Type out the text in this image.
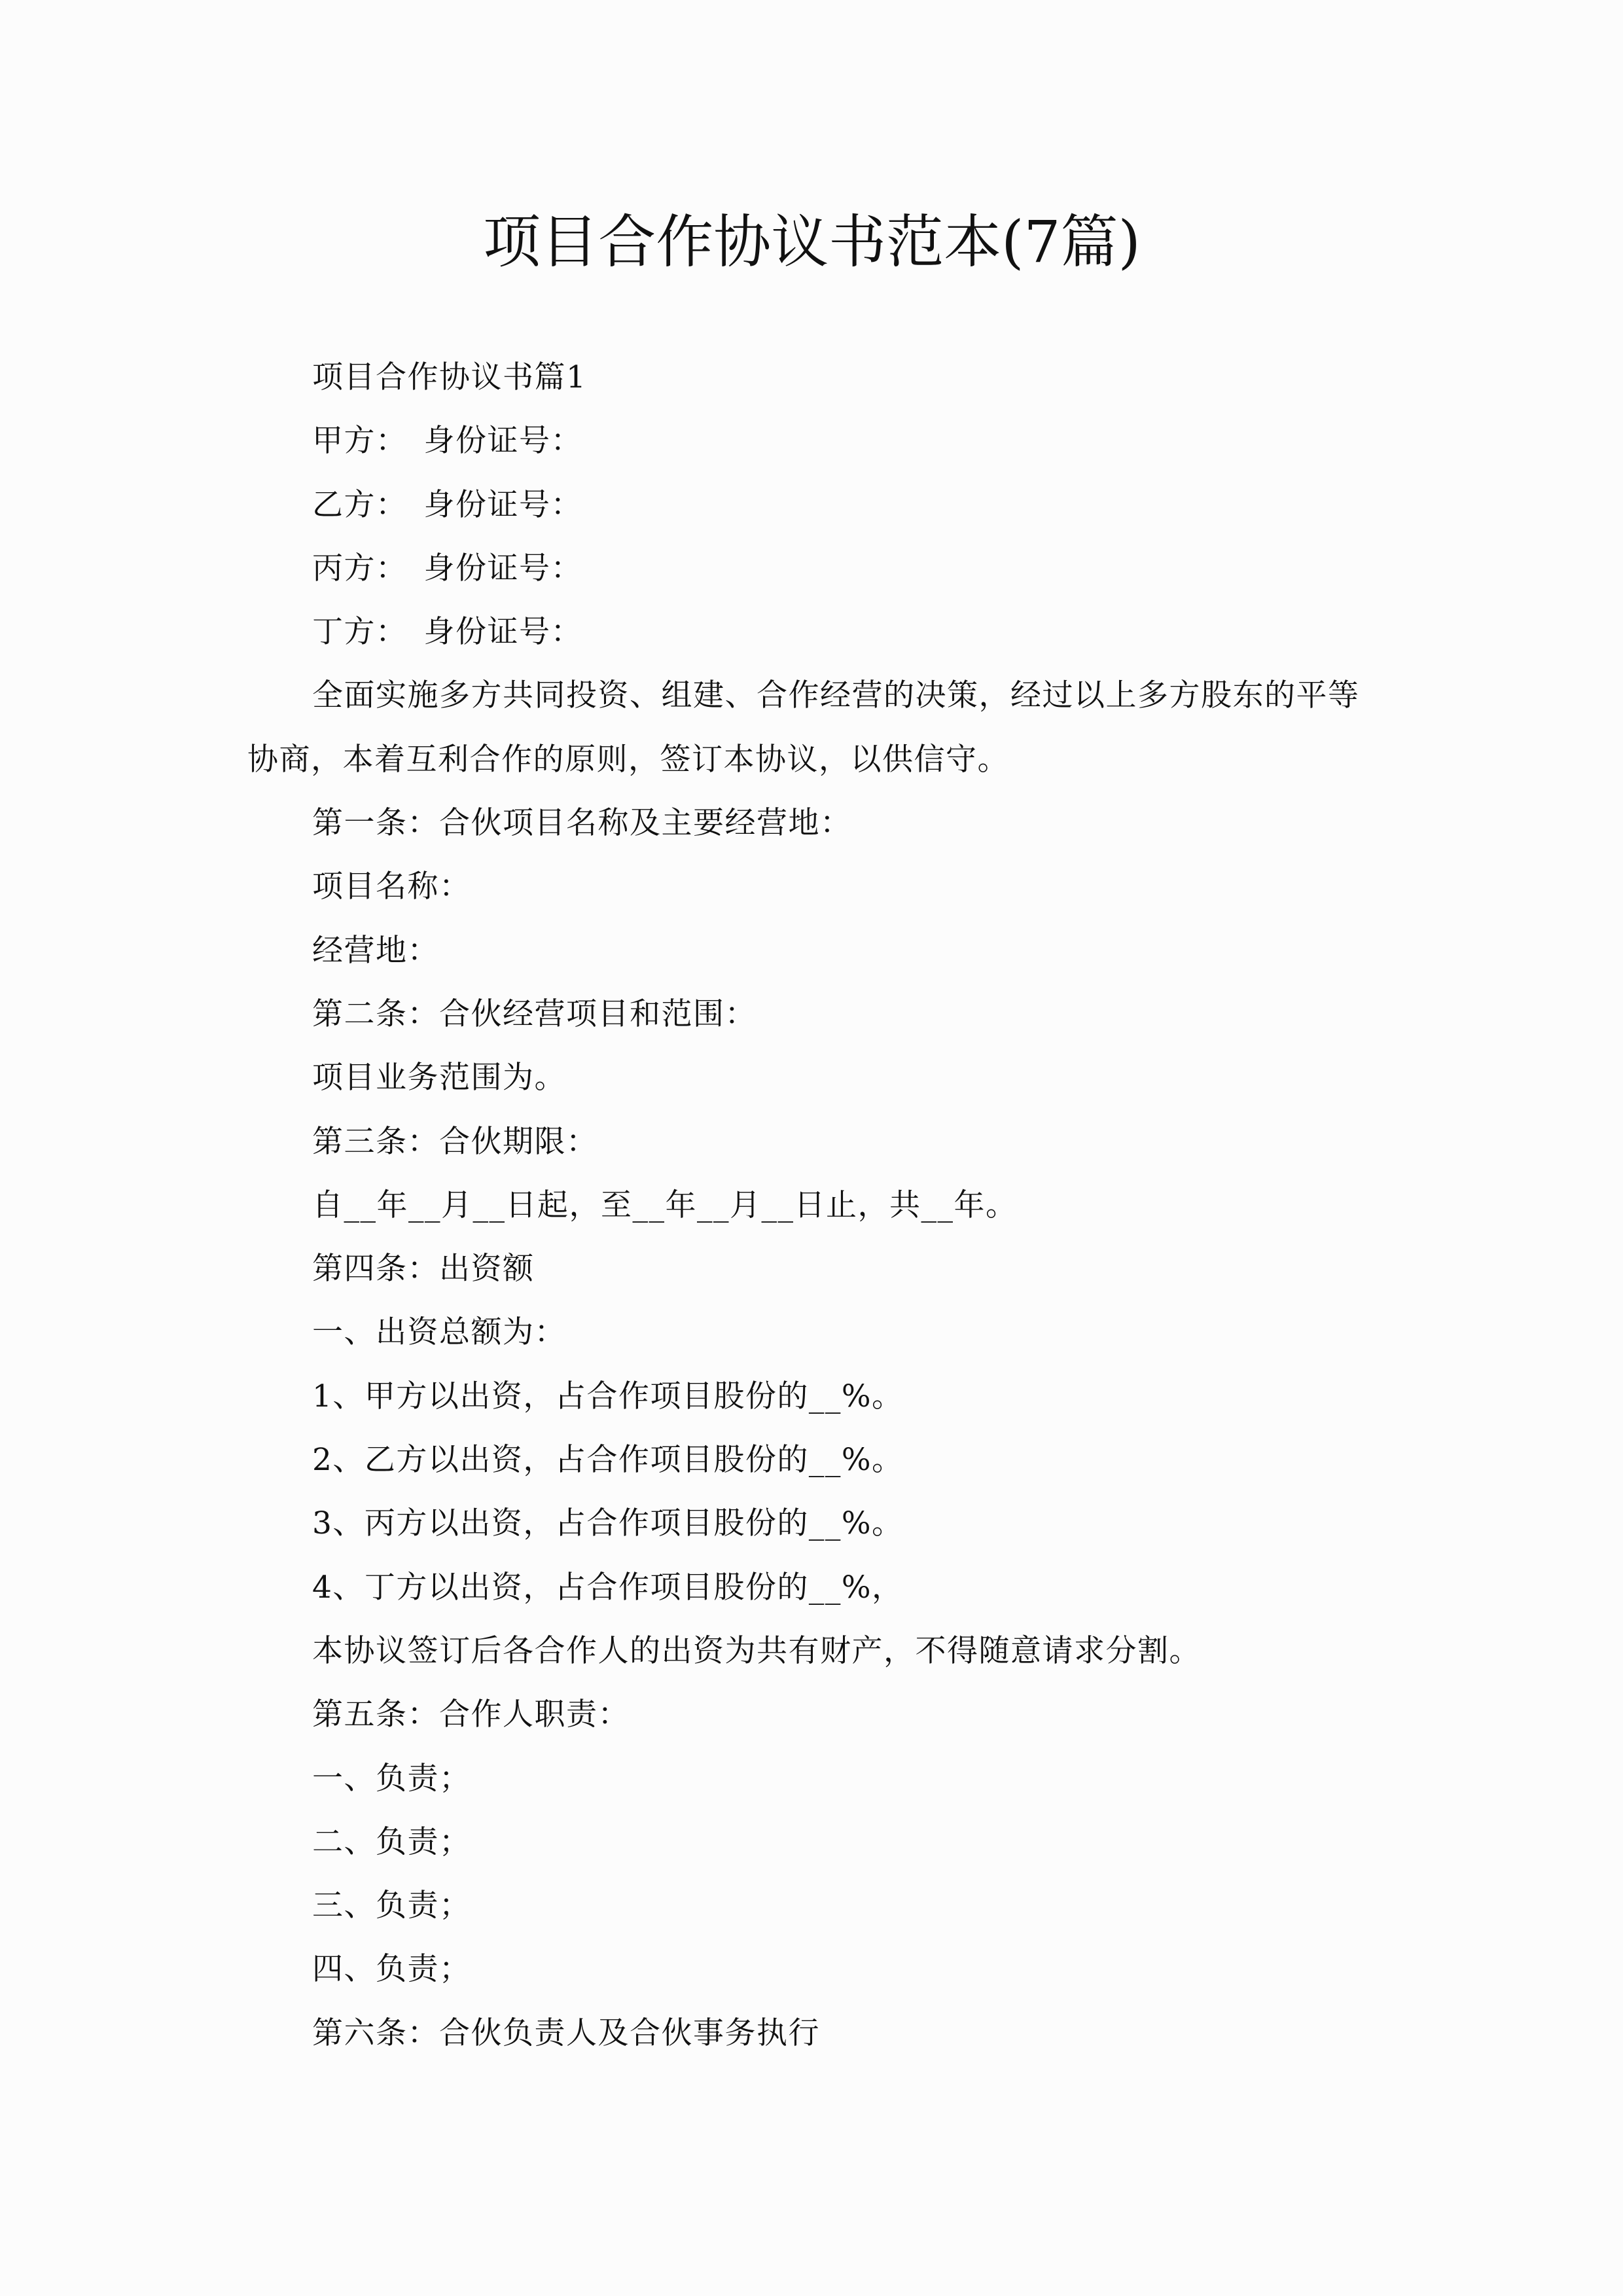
项目合作协议书范本(7篇)

项目合作协议书篇1

甲方：　身份证号：

乙方：　身份证号：

丙方：　身份证号：

丁方：　身份证号：

全面实施多方共同投资、组建、合作经营的决策，经过以上多方股东的平等协商，本着互利合作的原则，签订本协议，以供信守。

第一条：合伙项目名称及主要经营地：

项目名称：

经营地：

第二条：合伙经营项目和范围：

项目业务范围为。

第三条：合伙期限：

自__年__月__日起，至__年__月__日止，共__年。

第四条：出资额

一、出资总额为：

1、甲方以出资，占合作项目股份的__%。

2、乙方以出资，占合作项目股份的__%。

3、丙方以出资，占合作项目股份的__%。

4、丁方以出资，占合作项目股份的__%，

本协议签订后各合作人的出资为共有财产，不得随意请求分割。

第五条：合作人职责：

一、负责；

二、负责；

三、负责；

四、负责；

第六条：合伙负责人及合伙事务执行
